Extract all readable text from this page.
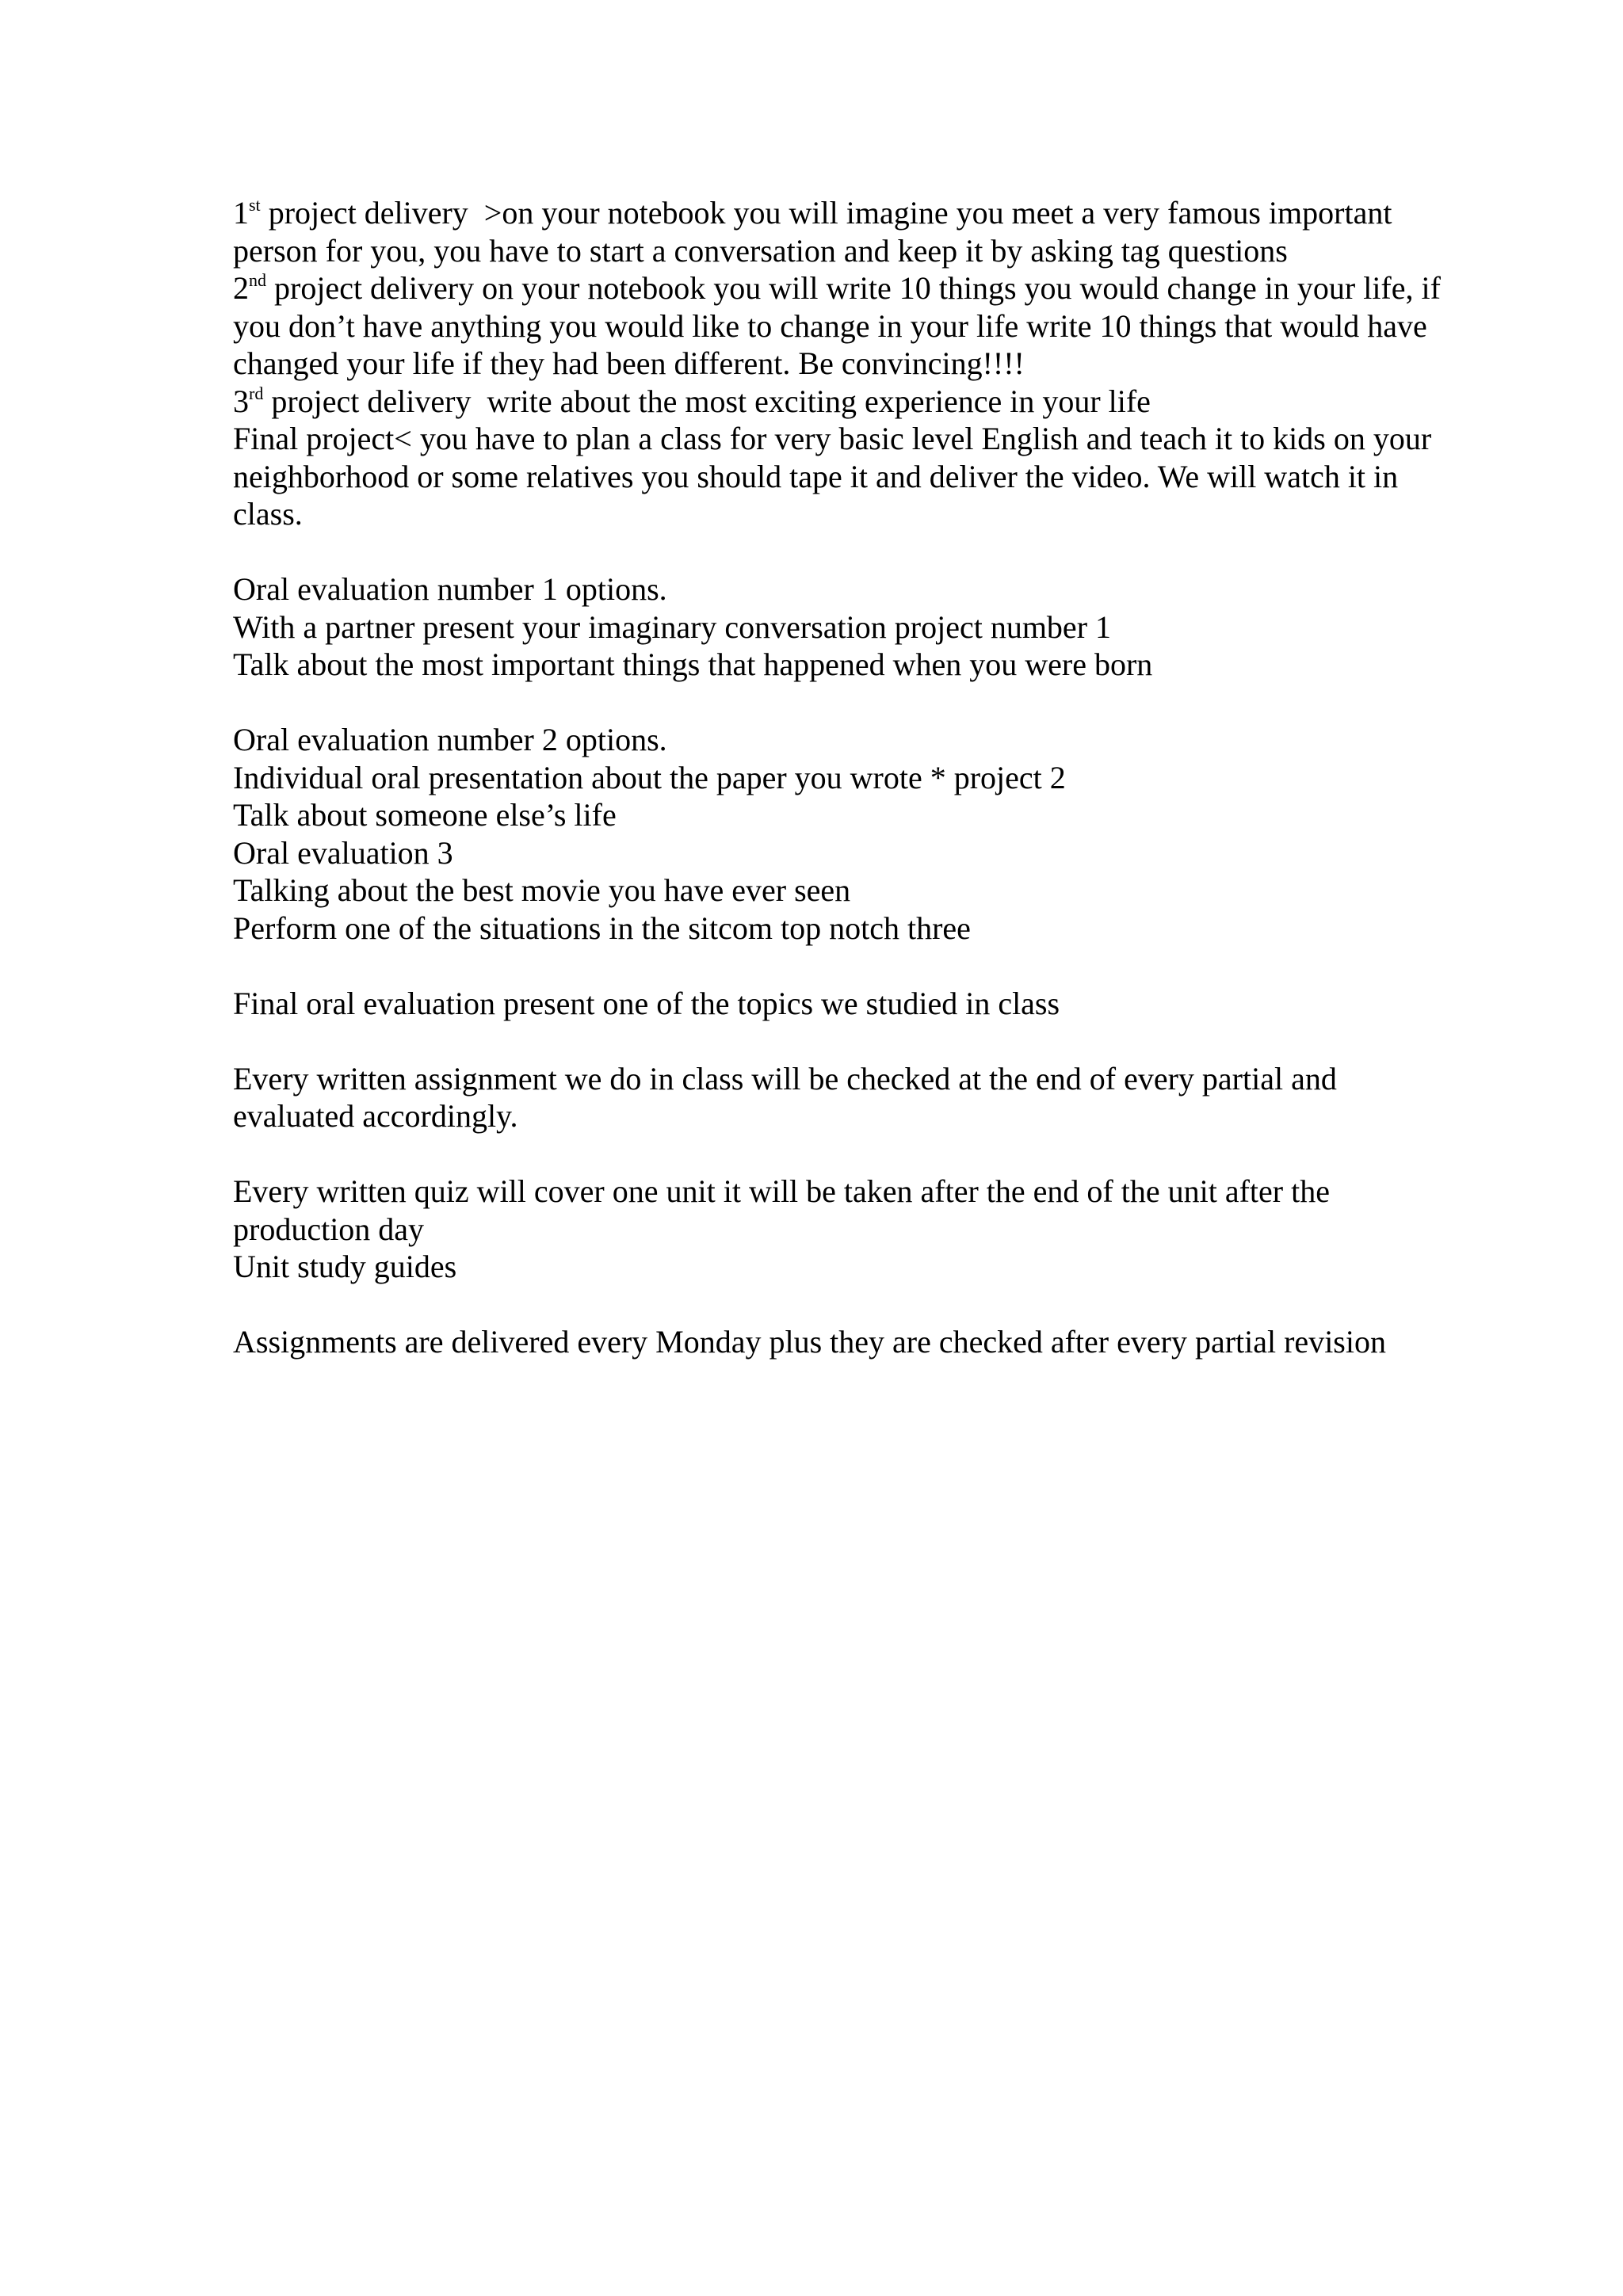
1st project delivery  >on your notebook you will imagine you meet a very famous important
person for you, you have to start a conversation and keep it by asking tag questions
2nd project delivery on your notebook you will write 10 things you would change in your life, if
you don’t have anything you would like to change in your life write 10 things that would have
changed your life if they had been different. Be convincing!!!!
3rd project delivery  write about the most exciting experience in your life
Final project< you have to plan a class for very basic level English and teach it to kids on your
neighborhood or some relatives you should tape it and deliver the video. We will watch it in
class.
Oral evaluation number 1 options.
With a partner present your imaginary conversation project number 1
Talk about the most important things that happened when you were born
Oral evaluation number 2 options.
Individual oral presentation about the paper you wrote * project 2
Talk about someone else’s life
Oral evaluation 3
Talking about the best movie you have ever seen
Perform one of the situations in the sitcom top notch three
Final oral evaluation present one of the topics we studied in class
Every written assignment we do in class will be checked at the end of every partial and
evaluated accordingly.
Every written quiz will cover one unit it will be taken after the end of the unit after the
production day
Unit study guides
Assignments are delivered every Monday plus they are checked after every partial revision
